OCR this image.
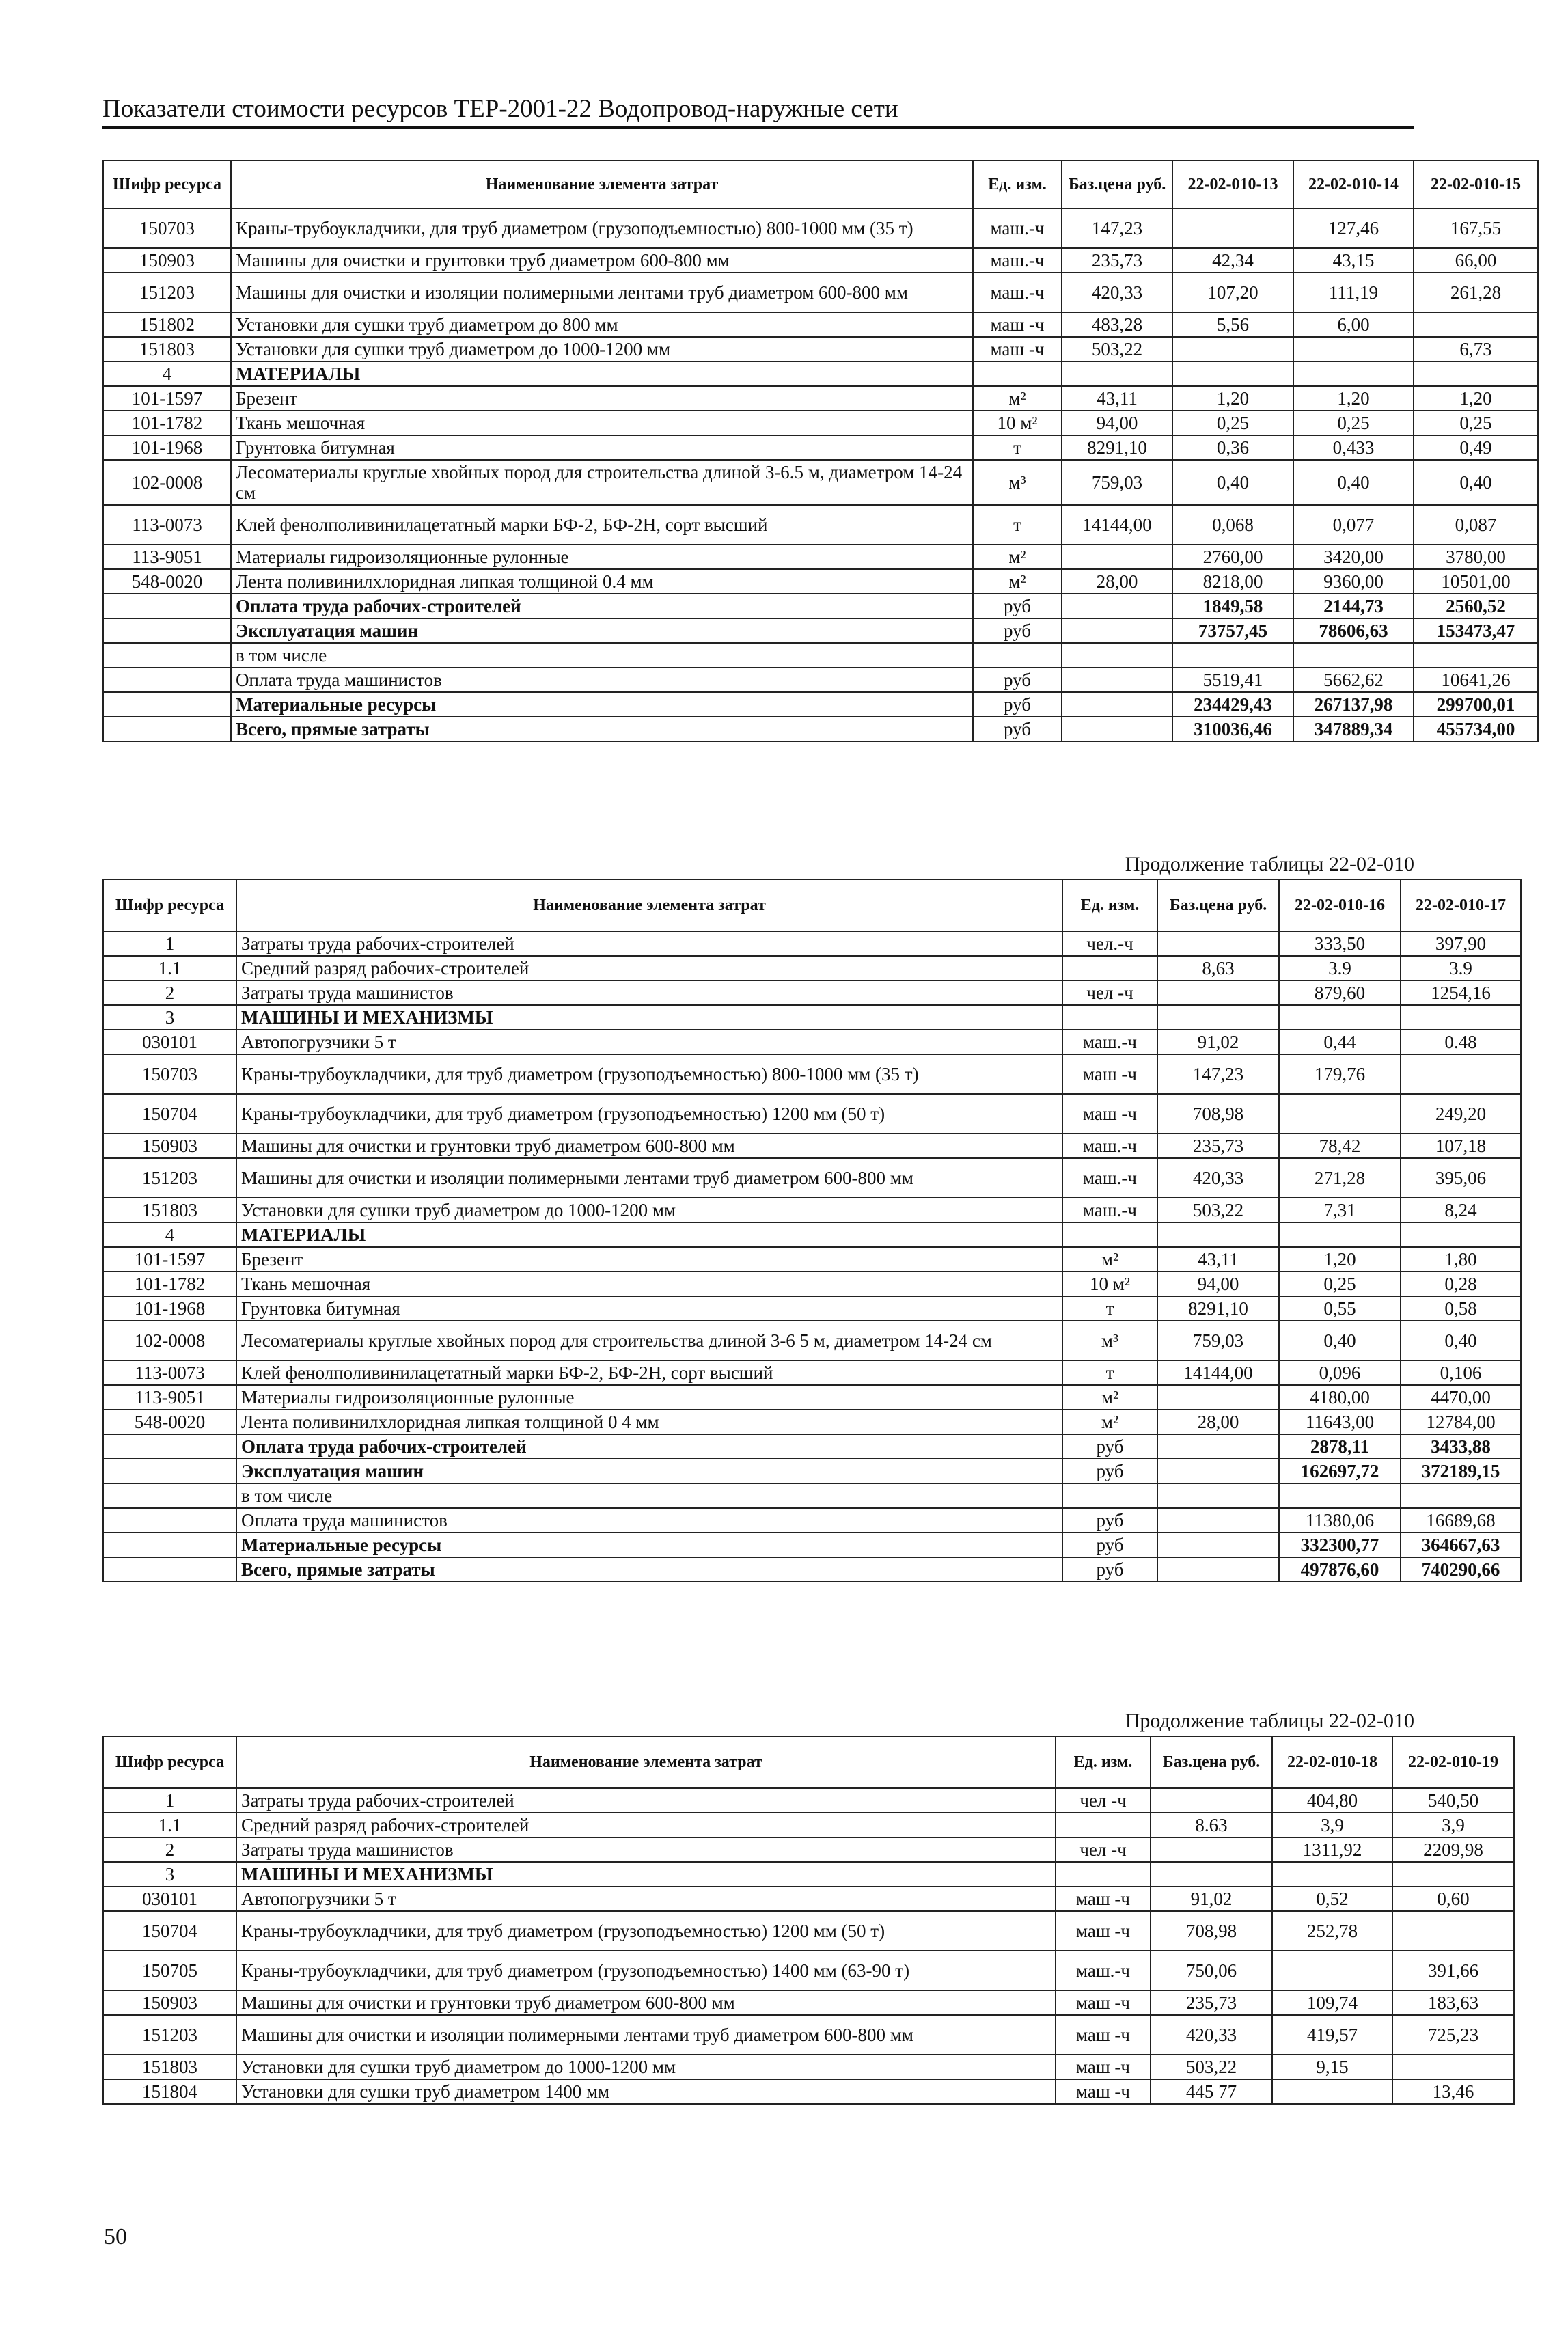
Показатели стоимости ресурсов ТЕР-2001-22 Водопровод-наружные сети
Шифр ресурса	Наименование элемента затрат	Ед. изм.	Баз.цена руб.	22-02-010-13	22-02-010-14	22-02-010-15
150703	Краны-трубоукладчики, для труб диаметром (грузоподъемностью) 800-1000 мм (35 т)	маш.-ч	147,23		127,46	167,55
150903	Машины для очистки и грунтовки труб диаметром 600-800 мм	маш.-ч	235,73	42,34	43,15	66,00
151203	Машины для очистки и изоляции полимерными лентами труб диаметром 600-800 мм	маш.-ч	420,33	107,20	111,19	261,28
151802	Установки для сушки труб диаметром до 800 мм	маш -ч	483,28	5,56	6,00	
151803	Установки для сушки труб диаметром до 1000-1200 мм	маш -ч	503,22			6,73
4	МАТЕРИАЛЫ					
101-1597	Брезент	м²	43,11	1,20	1,20	1,20
101-1782	Ткань мешочная	10 м²	94,00	0,25	0,25	0,25
101-1968	Грунтовка битумная	т	8291,10	0,36	0,433	0,49
102-0008	Лесоматериалы круглые хвойных пород для строительства длиной 3-6.5 м, диаметром 14-24 см	м³	759,03	0,40	0,40	0,40
113-0073	Клей фенолполивинилацетатный марки БФ-2, БФ-2Н, сорт высший	т	14144,00	0,068	0,077	0,087
113-9051	Материалы гидроизоляционные рулонные	м²		2760,00	3420,00	3780,00
548-0020	Лента поливинилхлоридная липкая толщиной 0.4 мм	м²	28,00	8218,00	9360,00	10501,00
	Оплата труда рабочих-строителей	руб		1849,58	2144,73	2560,52
	Эксплуатация машин	руб		73757,45	78606,63	153473,47
	в том числе					
	Оплата труда машинистов	руб		5519,41	5662,62	10641,26
	Материальные ресурсы	руб		234429,43	267137,98	299700,01
	Всего, прямые затраты	руб		310036,46	347889,34	455734,00
Продолжение таблицы 22-02-010
Шифр ресурса	Наименование элемента затрат	Ед. изм.	Баз.цена руб.	22-02-010-16	22-02-010-17
1	Затраты труда рабочих-строителей	чел.-ч		333,50	397,90
1.1	Средний разряд рабочих-строителей		8,63	3.9	3.9
2	Затраты труда машинистов	чел -ч		879,60	1254,16
3	МАШИНЫ И МЕХАНИЗМЫ				
030101	Автопогрузчики 5 т	маш.-ч	91,02	0,44	0.48
150703	Краны-трубоукладчики, для труб диаметром (грузоподъемностью) 800-1000 мм (35 т)	маш -ч	147,23	179,76	
150704	Краны-трубоукладчики, для труб диаметром (грузоподъемностью) 1200 мм (50 т)	маш -ч	708,98		249,20
150903	Машины для очистки и грунтовки труб диаметром 600-800 мм	маш.-ч	235,73	78,42	107,18
151203	Машины для очистки и изоляции полимерными лентами труб диаметром 600-800 мм	маш.-ч	420,33	271,28	395,06
151803	Установки для сушки труб диаметром до 1000-1200 мм	маш.-ч	503,22	7,31	8,24
4	МАТЕРИАЛЫ				
101-1597	Брезент	м²	43,11	1,20	1,80
101-1782	Ткань мешочная	10 м²	94,00	0,25	0,28
101-1968	Грунтовка битумная	т	8291,10	0,55	0,58
102-0008	Лесоматериалы круглые хвойных пород для строительства длиной 3-6 5 м, диаметром 14-24 см	м³	759,03	0,40	0,40
113-0073	Клей фенолполивинилацетатный марки БФ-2, БФ-2Н, сорт высший	т	14144,00	0,096	0,106
113-9051	Материалы гидроизоляционные рулонные	м²		4180,00	4470,00
548-0020	Лента поливинилхлоридная липкая толщиной 0 4 мм	м²	28,00	11643,00	12784,00
	Оплата труда рабочих-строителей	руб		2878,11	3433,88
	Эксплуатация машин	руб		162697,72	372189,15
	в том числе				
	Оплата труда машинистов	руб		11380,06	16689,68
	Материальные ресурсы	руб		332300,77	364667,63
	Всего, прямые затраты	руб		497876,60	740290,66
Продолжение таблицы 22-02-010
Шифр ресурса	Наименование элемента затрат	Ед. изм.	Баз.цена руб.	22-02-010-18	22-02-010-19
1	Затраты труда рабочих-строителей	чел -ч		404,80	540,50
1.1	Средний разряд рабочих-строителей		8.63	3,9	3,9
2	Затраты труда машинистов	чел -ч		1311,92	2209,98
3	МАШИНЫ И МЕХАНИЗМЫ				
030101	Автопогрузчики 5 т	маш -ч	91,02	0,52	0,60
150704	Краны-трубоукладчики, для труб диаметром (грузоподъемностью) 1200 мм (50 т)	маш -ч	708,98	252,78	
150705	Краны-трубоукладчики, для труб диаметром (грузоподъемностью) 1400 мм (63-90 т)	маш.-ч	750,06		391,66
150903	Машины для очистки и грунтовки труб диаметром 600-800 мм	маш -ч	235,73	109,74	183,63
151203	Машины для очистки и изоляции полимерными лентами труб диаметром 600-800 мм	маш -ч	420,33	419,57	725,23
151803	Установки для сушки труб диаметром до 1000-1200 мм	маш -ч	503,22	9,15	
151804	Установки для сушки труб диаметром 1400 мм	маш -ч	445 77		13,46
50
